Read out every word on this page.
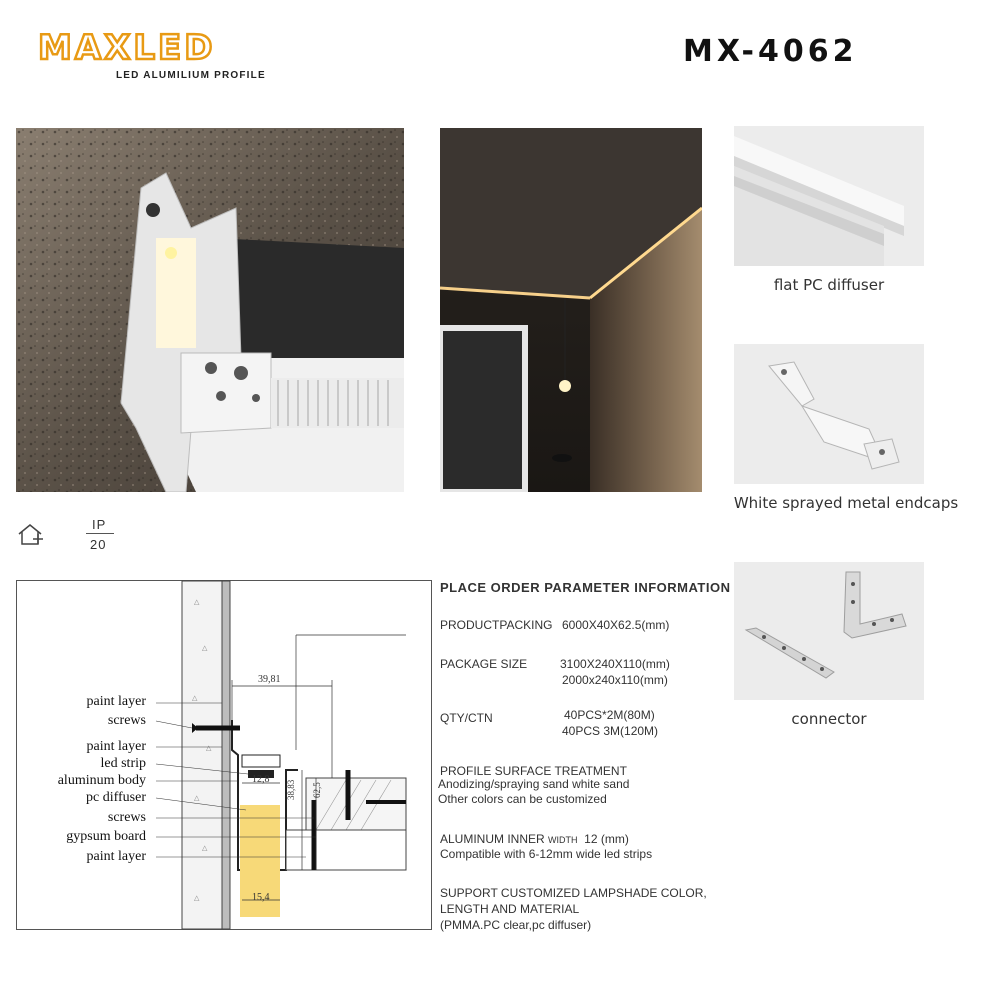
MAXLED
LED ALUMILIUM PROFILE
MX-4062
flat PC diffuser
White sprayed metal endcaps
connector
IP
20
△
△
△
△
△
△
△
paint layer
screws
paint layer
led strip
aluminum body
pc diffuser
screws
gypsum board
paint layer
39,81
12,8
15,4
38,83 62,5
PLACE ORDER PARAMETER INFORMATION
PRODUCTPACKING 6000X40X62.5(mm)
PACKAGE SIZE	3100X240X110(mm)
2000x240x110(mm)
QTY/CTN	40PCS*2M(80M)
40PCS 3M(120M)
PROFILE SURFACE TREATMENT
Anodizing/spraying sand white sand
Other colors can be customized
ALUMINUM INNER WIDTH  12 (mm)
Compatible with 6-12mm wide led strips
SUPPORT CUSTOMIZED LAMPSHADE COLOR,
LENGTH AND MATERIAL
(PMMA.PC clear,pc diffuser)
